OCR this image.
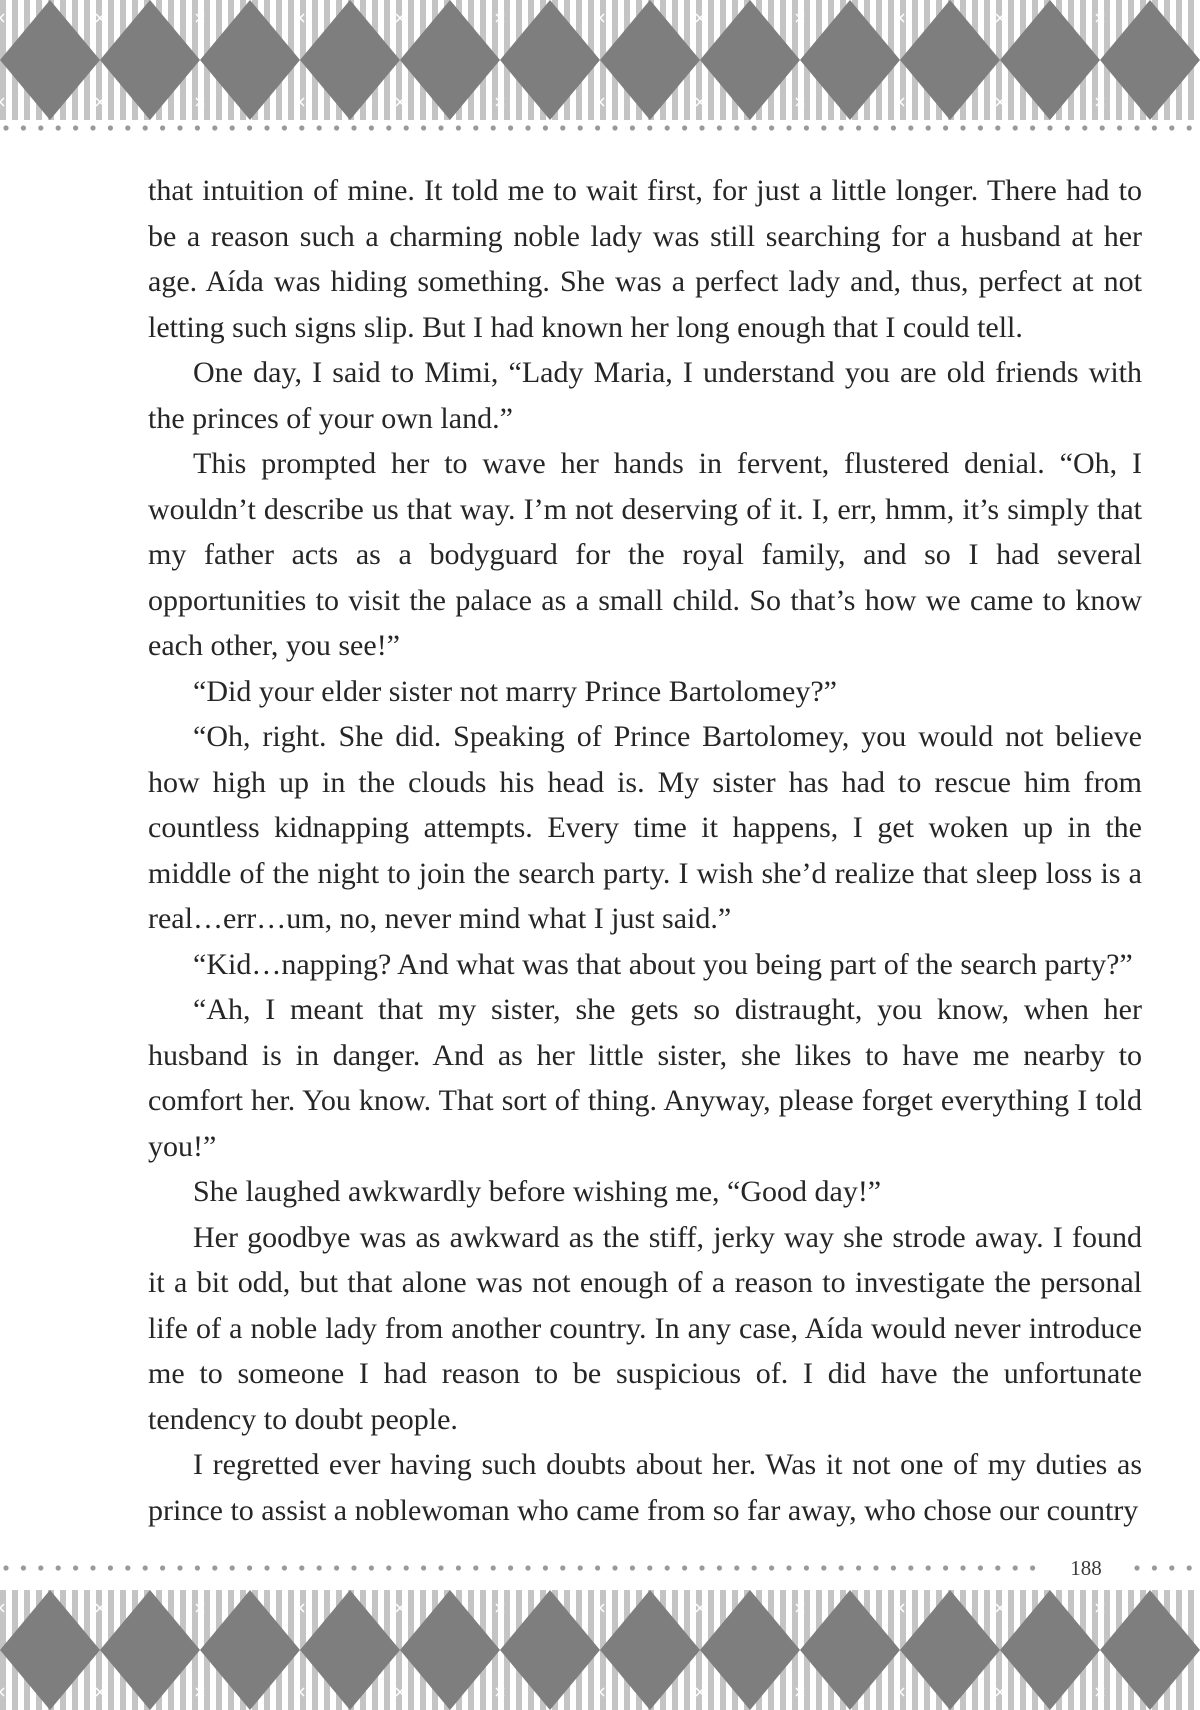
that intuition of mine. It told me to wait first, for just a little longer. There had to be a reason such a charming noble lady was still searching for a husband at her age. Aída was hiding something. She was a perfect lady and, thus, perfect at not letting such signs slip. But I had known her long enough that I could tell.

One day, I said to Mimi, “Lady Maria, I understand you are old friends with the princes of your own land.”

This prompted her to wave her hands in fervent, flustered denial. “Oh, I wouldn’t describe us that way. I’m not deserving of it. I, err, hmm, it’s simply that my father acts as a bodyguard for the royal family, and so I had several opportunities to visit the palace as a small child. So that’s how we came to know each other, you see!”

“Did your elder sister not marry Prince Bartolomey?”

“Oh, right. She did. Speaking of Prince Bartolomey, you would not believe how high up in the clouds his head is. My sister has had to rescue him from countless kidnapping attempts. Every time it happens, I get woken up in the middle of the night to join the search party. I wish she’d realize that sleep loss is a real…err…um, no, never mind what I just said.”

“Kid…napping? And what was that about you being part of the search party?”

“Ah, I meant that my sister, she gets so distraught, you know, when her husband is in danger. And as her little sister, she likes to have me nearby to comfort her. You know. That sort of thing. Anyway, please forget everything I told you!”

She laughed awkwardly before wishing me, “Good day!”

Her goodbye was as awkward as the stiff, jerky way she strode away. I found it a bit odd, but that alone was not enough of a reason to investigate the personal life of a noble lady from another country. In any case, Aída would never introduce me to someone I had reason to be suspicious of. I did have the unfortunate tendency to doubt people.

I regretted ever having such doubts about her. Was it not one of my duties as prince to assist a noblewoman who came from so far away, who chose our country

188
